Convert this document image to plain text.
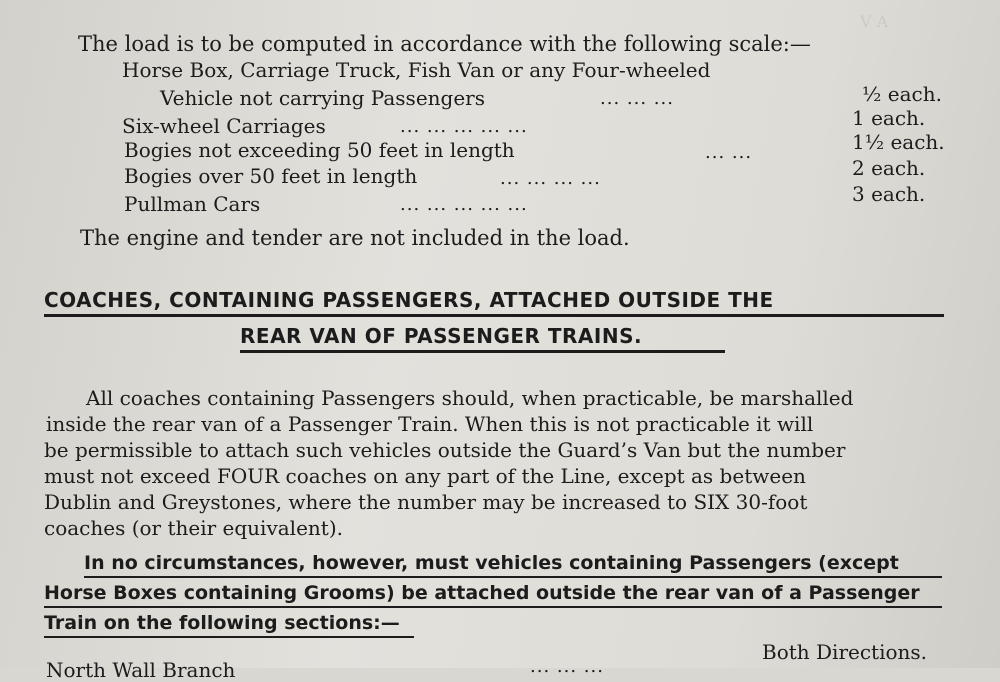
V A
The load is to be computed in accordance with the following scale:—
Horse Box, Carriage Truck, Fish Van or any Four-wheeled
Vehicle not carrying Passengers	... ... ...	½ each.
Six-wheel Carriages	... ... ... ... ...	1 each.
Bogies not exceeding 50 feet in length	... ...	1½ each.
Bogies over 50 feet in length	... ... ... ...	2 each.
Pullman Cars	... ... ... ... ...	3 each.
The engine and tender are not included in the load.
COACHES, CONTAINING PASSENGERS, ATTACHED OUTSIDE THE
REAR VAN OF PASSENGER TRAINS.
All coaches containing Passengers should, when practicable, be marshalled
inside the rear van of a Passenger Train. When this is not practicable it will
be permissible to attach such vehicles outside the Guard’s Van but the number
must not exceed FOUR coaches on any part of the Line, except as between
Dublin and Greystones, where the number may be increased to SIX 30-foot
coaches (or their equivalent).
In no circumstances, however, must vehicles containing Passengers (except
Horse Boxes containing Grooms) be attached outside the rear van of a Passenger
Train on the following sections:—
Both Directions.
North Wall Branch	... ... ...
